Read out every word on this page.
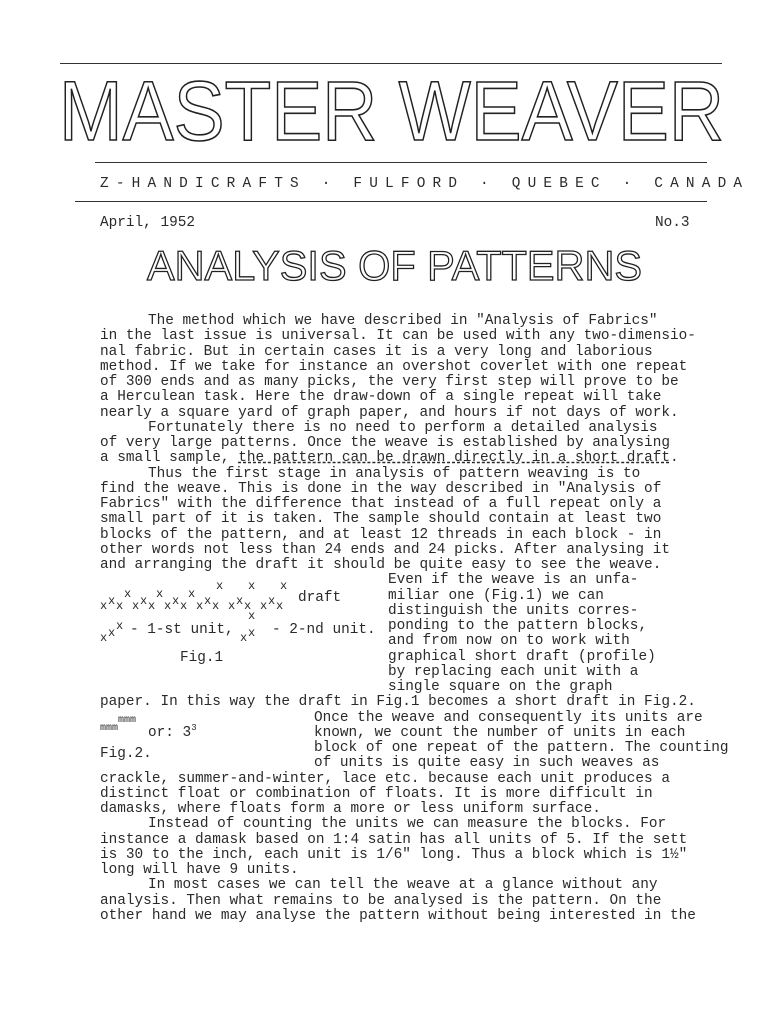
MASTER WEAVER
Z-HANDICRAFTS · FULFORD · QUEBEC · CANADA
April, 1952	No.3
ANALYSIS OF PATTERNS
The method which we have described in "Analysis of Fabrics"
in the last issue is universal. It can be used with any two-dimensio-
nal fabric. But in certain cases it is a very long and laborious
method. If we take for instance an overshot coverlet with one repeat
of 300 ends and as many picks, the very first step will prove to be
a Herculean task. Here the draw-down of a single repeat will take
nearly a square yard of graph paper, and hours if not days of work.
Fortunately there is no need to perform a detailed analysis
of very large patterns. Once the weave is established by analysing
a small sample, the pattern can be drawn directly in a short draft.
Thus the first stage in analysis of pattern weaving is to
find the weave. This is done in the way described in "Analysis of
Fabrics" with the difference that instead of a full repeat only a
small part of it is taken. The sample should contain at least two
blocks of the pattern, and at least 12 threads in each block - in
other words not less than 24 ends and 24 picks. After analysing it
and arranging the draft it should be quite easy to see the weave.
draft
- 1-st unit,	- 2-nd unit.
Fig.1
x x x
x
x x x
x
x x x
x
x x x
x
x x x
x
x x x
x
x x x
x x
x
Even if the weave is an unfa-
miliar one (Fig.1) we can
distinguish the units corres-
ponding to the pattern blocks,
and from now on to work with
graphical short draft (profile)
by replacing each unit with a
single square on the graph
paper. In this way the draft in Fig.1 becomes a short draft in Fig.2.
mmm
mmm
or: $3^3$
Fig.2.
Once the weave and consequently its units are
known, we count the number of units in each
block of one repeat of the pattern. The counting
of units is quite easy in such weaves as
crackle, summer-and-winter, lace etc. because each unit produces a
distinct float or combination of floats. It is more difficult in
damasks, where floats form a more or less uniform surface.
Instead of counting the units we can measure the blocks. For
instance a damask based on 1:4 satin has all units of 5. If the sett
is 30 to the inch, each unit is 1/6" long. Thus a block which is 1½"
long will have 9 units.
In most cases we can tell the weave at a glance without any
analysis. Then what remains to be analysed is the pattern. On the
other hand we may analyse the pattern without being interested in the
